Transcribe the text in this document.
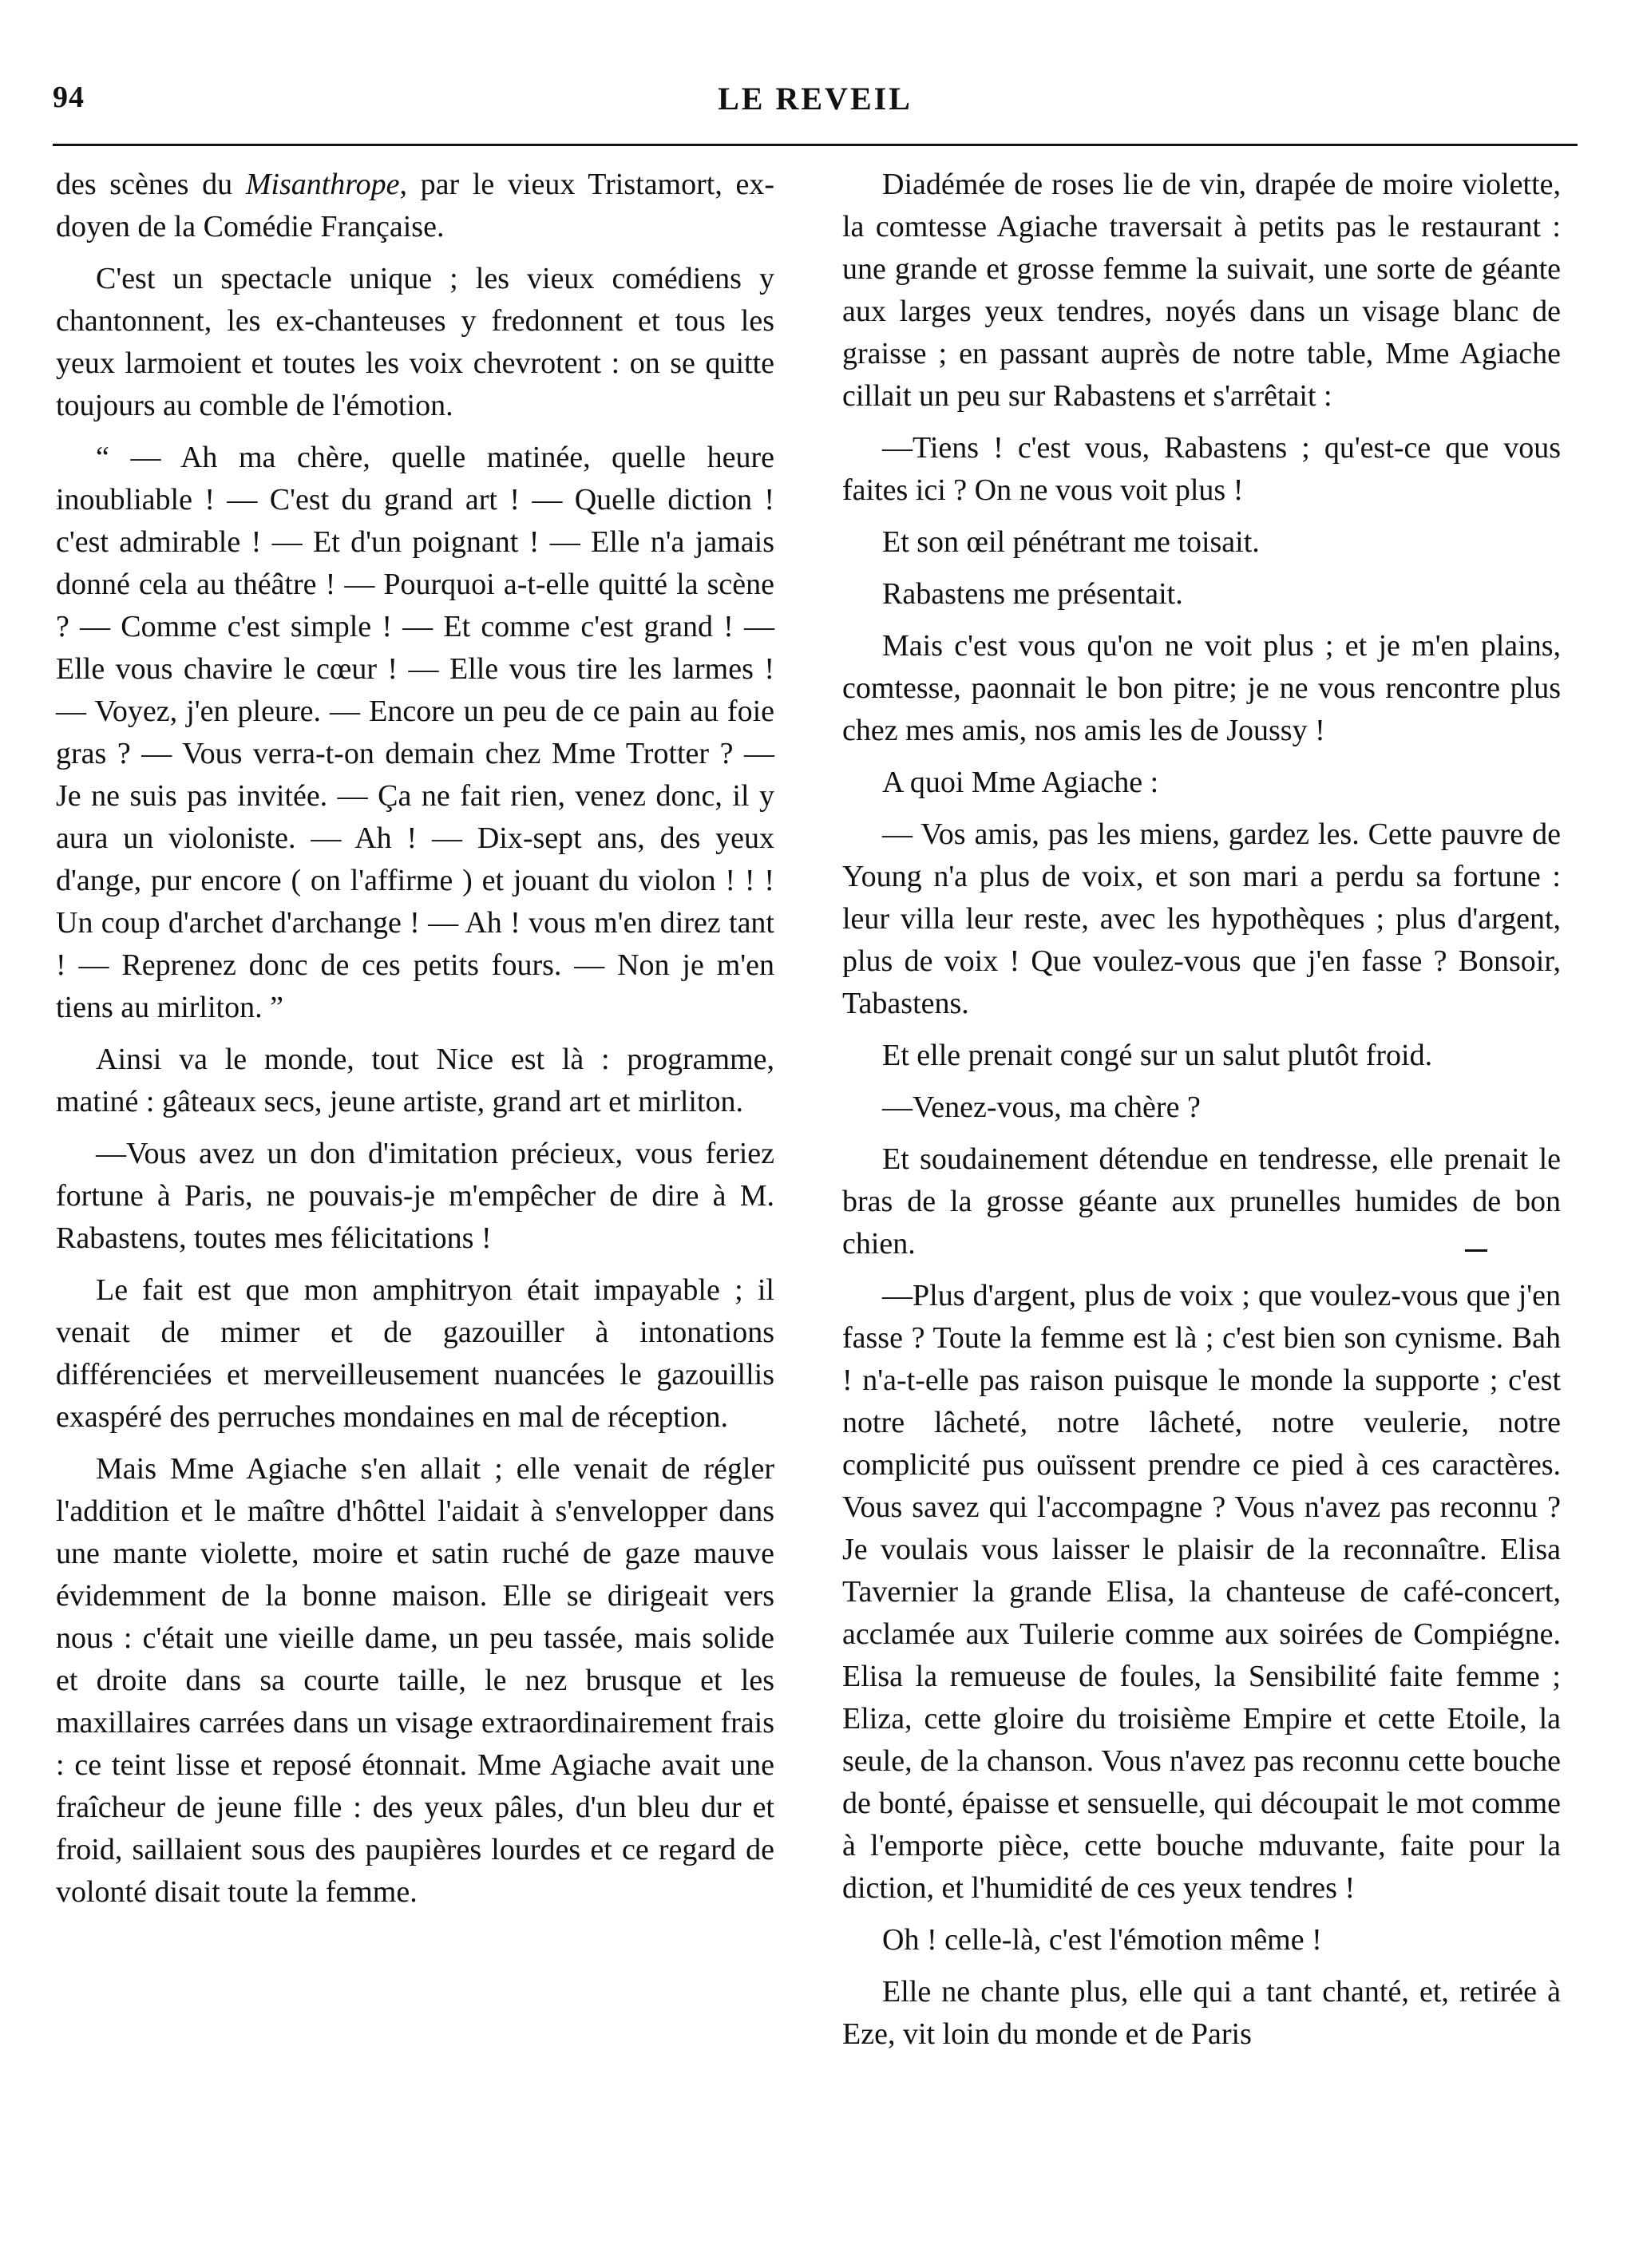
94	LE REVEIL

des scènes du Misanthrope, par le vieux Tristamort, ex-doyen de la Comédie Française.

C'est un spectacle unique ; les vieux comédiens y chantonnent, les ex-chanteuses y fredonnent et tous les yeux larmoient et toutes les voix chevrotent : on se quitte toujours au comble de l'émotion.

“ — Ah ma chère, quelle matinée, quelle heure inoubliable ! — C'est du grand art ! — Quelle diction ! c'est admirable ! — Et d'un poignant ! — Elle n'a jamais donné cela au théâtre ! — Pourquoi a-t-elle quitté la scène ? — Comme c'est simple ! — Et comme c'est grand ! — Elle vous chavire le cœur ! — Elle vous tire les larmes ! — Voyez, j'en pleure. — Encore un peu de ce pain au foie gras ? — Vous verra-t-on demain chez Mme Trotter ? — Je ne suis pas invitée. — Ça ne fait rien, venez donc, il y aura un violoniste. — Ah ! — Dix-sept ans, des yeux d'ange, pur encore ( on l'affirme ) et jouant du violon ! ! ! Un coup d'archet d'archange ! — Ah ! vous m'en direz tant ! — Reprenez donc de ces petits fours. — Non je m'en tiens au mirliton. ”

Ainsi va le monde, tout Nice est là : programme, matiné : gâteaux secs, jeune artiste, grand art et mirliton.

—Vous avez un don d'imitation précieux, vous feriez fortune à Paris, ne pouvais-je m'empêcher de dire à M. Rabastens, toutes mes félicitations !

Le fait est que mon amphitryon était impayable ; il venait de mimer et de gazouiller à intonations différenciées et merveilleusement nuancées le gazouillis exaspéré des perruches mondaines en mal de réception.

Mais Mme Agiache s'en allait ; elle venait de régler l'addition et le maître d'hôttel l'aidait à s'envelopper dans une mante violette, moire et satin ruché de gaze mauve évidemment de la bonne maison. Elle se dirigeait vers nous : c'était une vieille dame, un peu tassée, mais solide et droite dans sa courte taille, le nez brusque et les maxillaires carrées dans un visage extraordinairement frais : ce teint lisse et reposé étonnait. Mme Agiache avait une fraîcheur de jeune fille : des yeux pâles, d'un bleu dur et froid, saillaient sous des paupières lourdes et ce regard de volonté disait toute la femme.

Diadémée de roses lie de vin, drapée de moire violette, la comtesse Agiache traversait à petits pas le restaurant : une grande et grosse femme la suivait, une sorte de géante aux larges yeux tendres, noyés dans un visage blanc de graisse ; en passant auprès de notre table, Mme Agiache cillait un peu sur Rabastens et s'arrêtait :

—Tiens ! c'est vous, Rabastens ; qu'est-ce que vous faites ici ? On ne vous voit plus !

Et son œil pénétrant me toisait.

Rabastens me présentait.

Mais c'est vous qu'on ne voit plus ; et je m'en plains, comtesse, paonnait le bon pitre; je ne vous rencontre plus chez mes amis, nos amis les de Joussy !

A quoi Mme Agiache :

— Vos amis, pas les miens, gardez les. Cette pauvre de Young n'a plus de voix, et son mari a perdu sa fortune : leur villa leur reste, avec les hypothèques ; plus d'argent, plus de voix ! Que voulez-vous que j'en fasse ? Bonsoir, Tabastens.

Et elle prenait congé sur un salut plutôt froid.

—Venez-vous, ma chère ?

Et soudainement détendue en tendresse, elle prenait le bras de la grosse géante aux prunelles humides de bon chien.

—Plus d'argent, plus de voix ; que voulez-vous que j'en fasse ? Toute la femme est là ; c'est bien son cynisme. Bah ! n'a-t-elle pas raison puisque le monde la supporte ; c'est notre lâcheté, notre lâcheté, notre veulerie, notre complicité pus ouïssent prendre ce pied à ces caractères. Vous savez qui l'accompagne ? Vous n'avez pas reconnu ? Je voulais vous laisser le plaisir de la reconnaître. Elisa Tavernier la grande Elisa, la chanteuse de café-concert, acclamée aux Tuilerie comme aux soirées de Compiégne. Elisa la remueuse de foules, la Sensibilité faite femme ; Eliza, cette gloire du troisième Empire et cette Etoile, la seule, de la chanson. Vous n'avez pas reconnu cette bouche de bonté, épaisse et sensuelle, qui découpait le mot comme à l'emporte pièce, cette bouche mduvante, faite pour la diction, et l'humidité de ces yeux tendres !

Oh ! celle-là, c'est l'émotion même !

Elle ne chante plus, elle qui a tant chanté, et, retirée à Eze, vit loin du monde et de Paris
